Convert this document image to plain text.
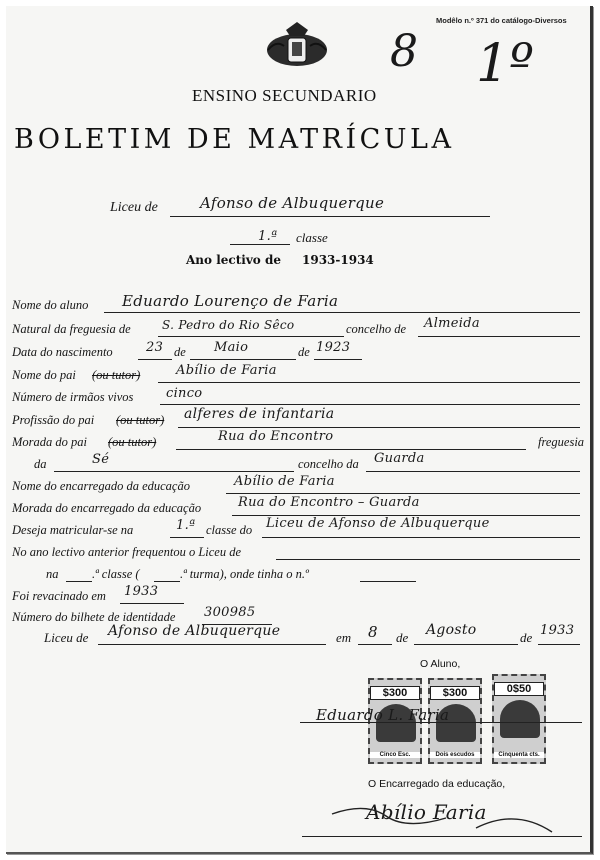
Modêlo n.º 371 do catálogo-Diversos
8 1º
ENSINO SECUNDARIO
BOLETIM DE MATRÍCULA
Liceu de	Afonso de Albuquerque
1.ª classe
Ano lectivo de 1933-1934
Nome do aluno Eduardo Lourenço de Faria
Natural da freguesia de	S. Pedro do Rio Sêco	concelho de Almeida
Data do nascimento	23 de Maio	de 1923
Nome do pai (ou tutor)	Abílio de Faria
Número de irmãos vivos	cinco
Profissão do pai (ou tutor) alferes de infantaria
Morada do pai (ou tutor)	Rua do Encontro	freguesia
da	Sé	concelho da Guarda
Nome do encarregado da educação	Abílio de Faria
Morada do encarregado da educação	Rua do Encontro – Guarda
Deseja matricular-se na	1.ª classe do Liceu de Afonso de Albuquerque
No ano lectivo anterior frequentou o Liceu de
na	.ª classe (	.ª turma), onde tinha o n.º
Foi revacinado em 1933
Número do bilhete de identidade 300985
Liceu de Afonso de Albuquerque	em 8 de Agosto	de 1933
O Aluno,
$300
Cinco Esc.
$300
Dois escudos
0$50
Cinquenta cts.
Eduardo L. Faria
O Encarregado da educação,
Abílio Faria
